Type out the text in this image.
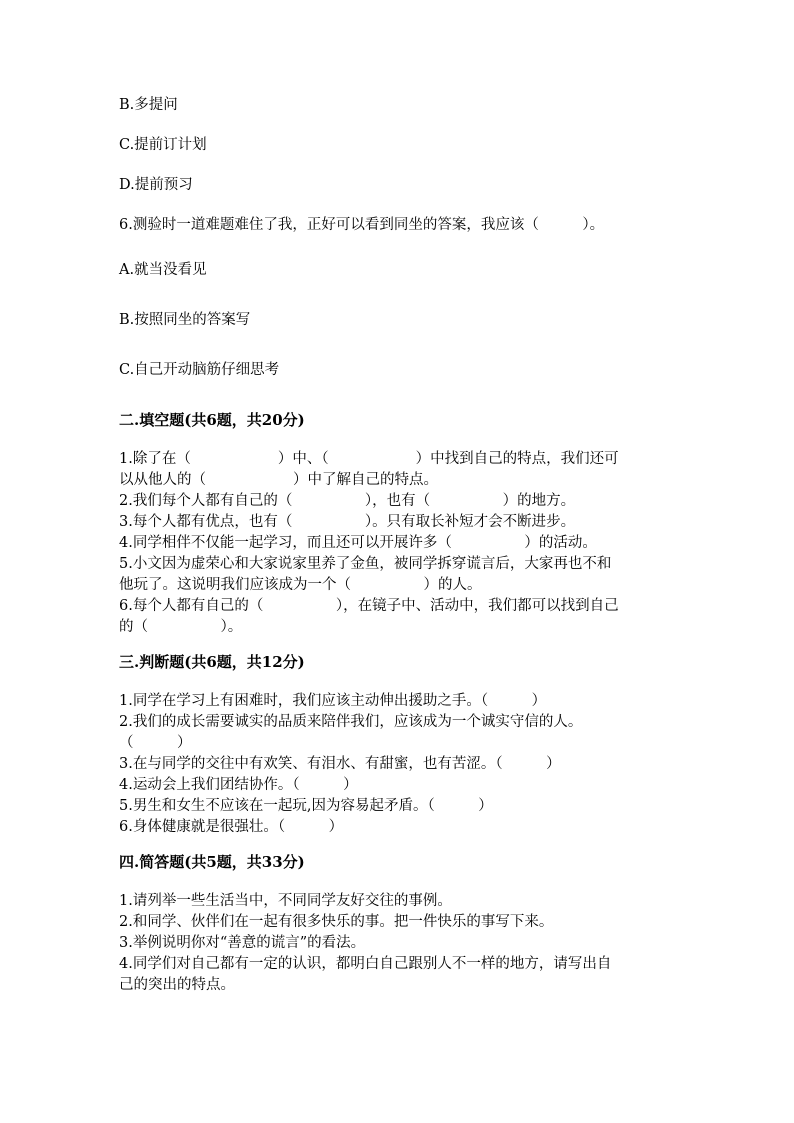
B.多提问

C.提前订计划

D.提前预习

6.测验时一道难题难住了我，正好可以看到同坐的答案，我应该（　　　）。

A.就当没看见

B.按照同坐的答案写

C.自己开动脑筋仔细思考

二.填空题(共6题，共20分)

1.除了在（　　　　　　）中、（　　　　　　）中找到自己的特点，我们还可

以从他人的（　　　　　　）中了解自己的特点。

2.我们每个人都有自己的（　　　　　），也有（　　　　　）的地方。

3.每个人都有优点，也有（　　　　　）。只有取长补短才会不断进步。

4.同学相伴不仅能一起学习，而且还可以开展许多（　　　　　）的活动。

5.小文因为虚荣心和大家说家里养了金鱼，被同学拆穿谎言后，大家再也不和

他玩了。这说明我们应该成为一个（　　　　　）的人。

6.每个人都有自己的（　　　　　），在镜子中、活动中，我们都可以找到自己

的（　　　　　）。

三.判断题(共6题，共12分)

1.同学在学习上有困难时，我们应该主动伸出援助之手。（　　　）

2.我们的成长需要诚实的品质来陪伴我们，应该成为一个诚实守信的人。

（　　　）

3.在与同学的交往中有欢笑、有泪水、有甜蜜，也有苦涩。（　　　）

4.运动会上我们团结协作。（　　　）

5.男生和女生不应该在一起玩,因为容易起矛盾。（　　　）

6.身体健康就是很强壮。（　　　）

四.简答题(共5题，共33分)

1.请列举一些生活当中，不同同学友好交往的事例。

2.和同学、伙伴们在一起有很多快乐的事。把一件快乐的事写下来。

3.举例说明你对“善意的谎言”的看法。

4.同学们对自己都有一定的认识，都明白自己跟别人不一样的地方，请写出自

己的突出的特点。
